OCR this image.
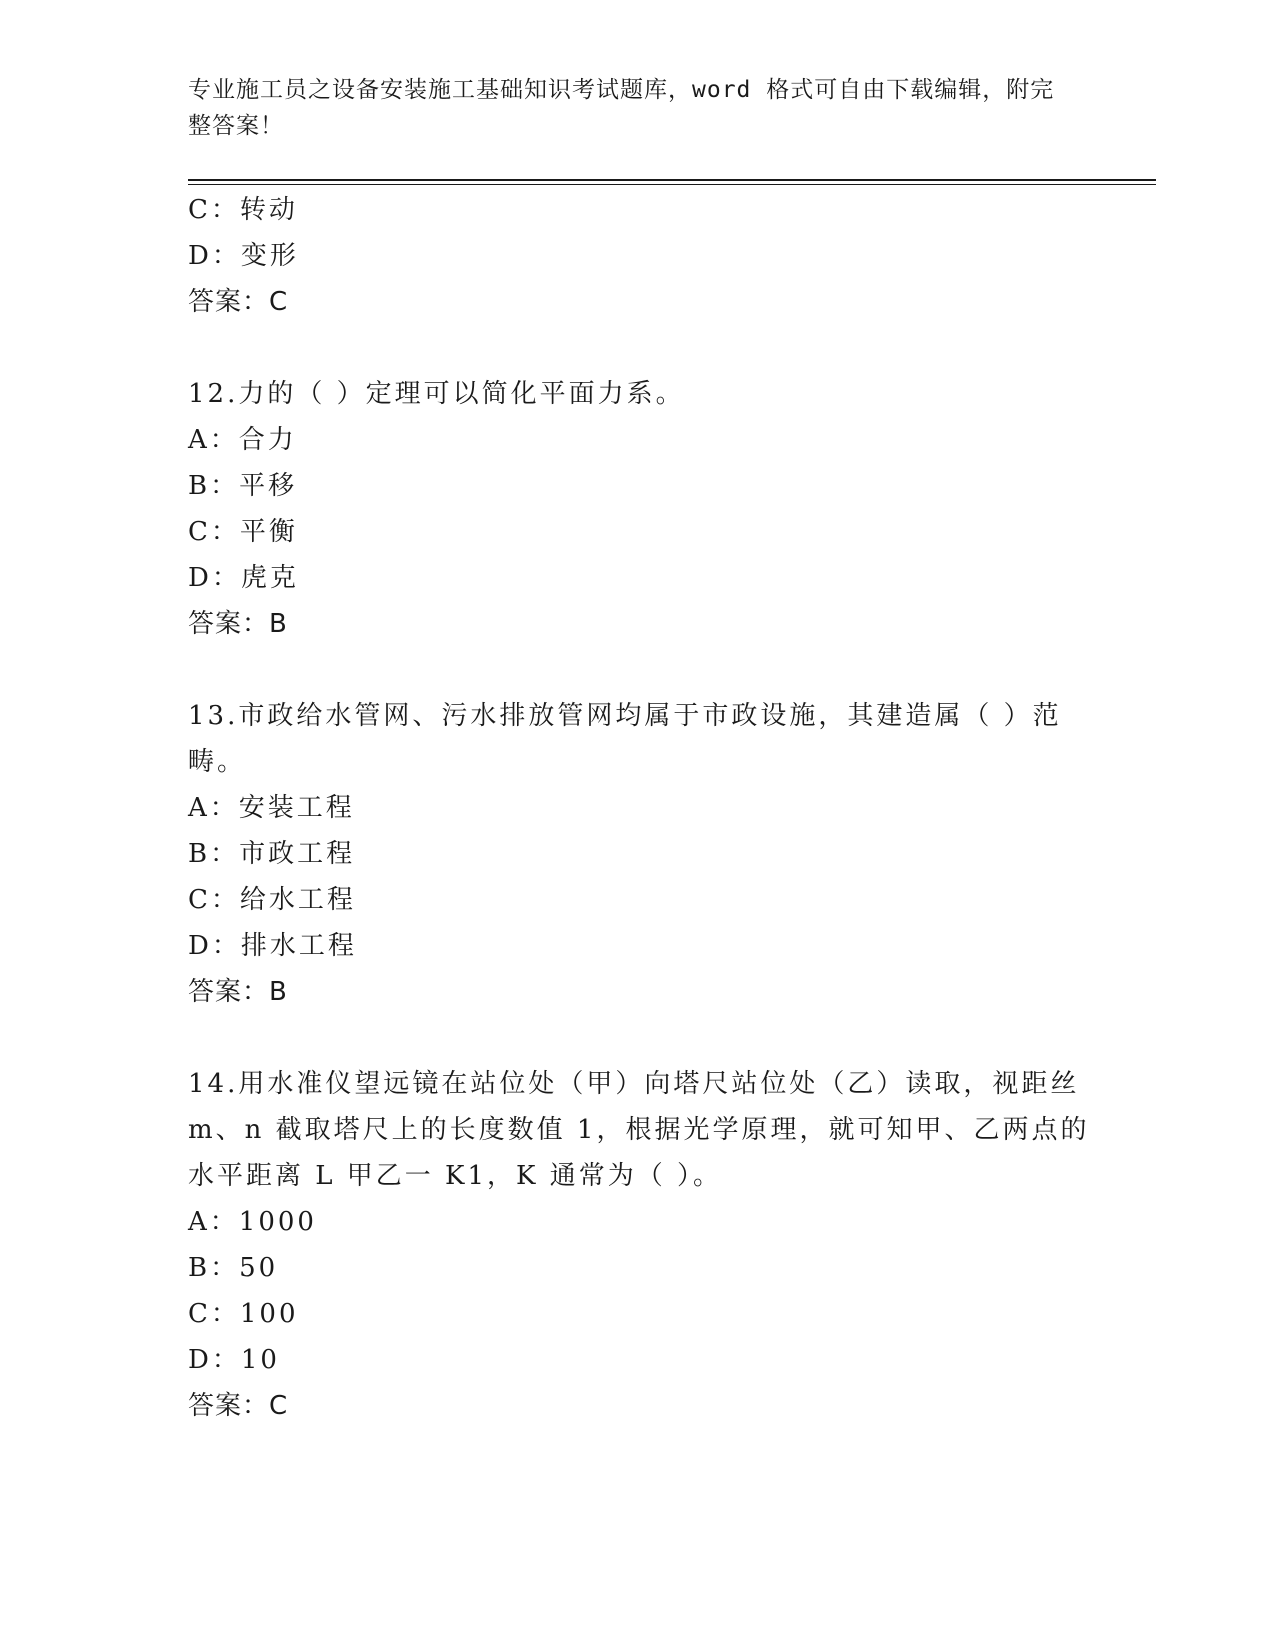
专业施工员之设备安装施工基础知识考试题库，word 格式可自由下载编辑，附完
整答案！
C：转动
D：变形
答案：C
12.力的（ ）定理可以简化平面力系。
A：合力
B：平移
C：平衡
D：虎克
答案：B
13.市政给水管网、污水排放管网均属于市政设施，其建造属（ ）范
畴。
A：安装工程
B：市政工程
C：给水工程
D：排水工程
答案：B
14.用水准仪望远镜在站位处（甲）向塔尺站位处（乙）读取，视距丝
m、n 截取塔尺上的长度数值 1，根据光学原理，就可知甲、乙两点的
水平距离 L 甲乙一 K1，K 通常为（ ）。
A：1000
B：50
C：100
D：10
答案：C
